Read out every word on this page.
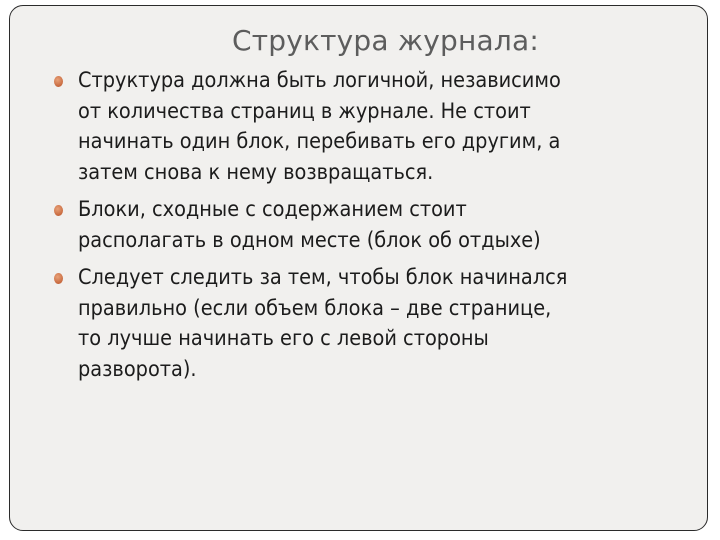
Структура журнала:
Структура должна быть логичной, независимо
от количества страниц в журнале. Не стоит
начинать один блок, перебивать его другим, а
затем снова к нему возвращаться.
Блоки, сходные с содержанием стоит
располагать в одном месте (блок об отдыхе)
Следует следить за тем, чтобы блок начинался
правильно (если объем блока – две странице,
то лучше начинать его с левой стороны
разворота).
